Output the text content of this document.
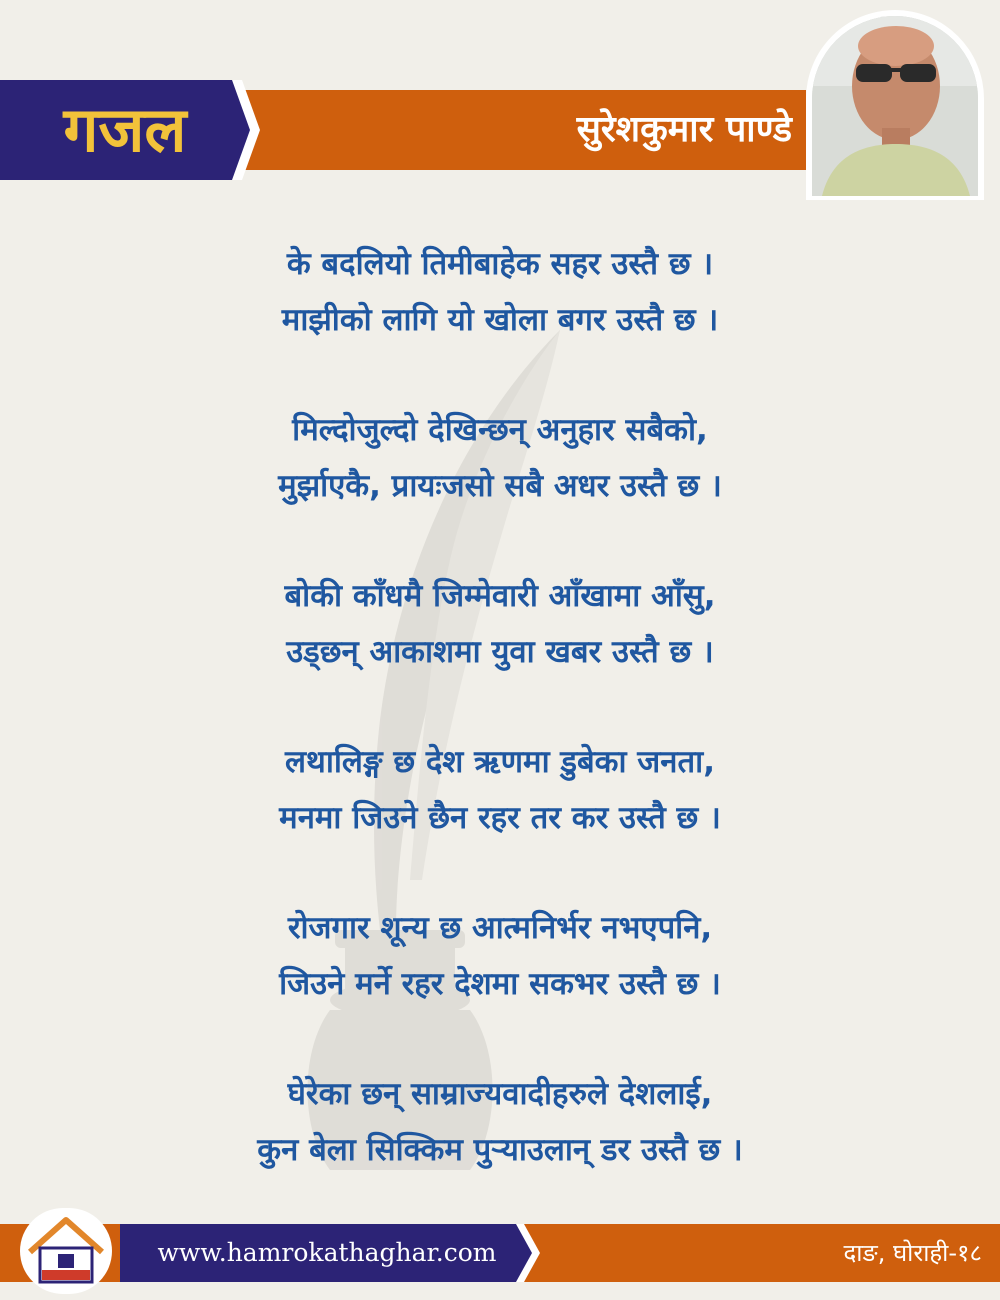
गजल	सुरेशकुमार पाण्डे
के बदलियो तिमीबाहेक सहर उस्तै छ ।
माझीको लागि यो खोला बगर उस्तै छ ।
मिल्दोजुल्दो देखिन्छन् अनुहार सबैको,
मुर्झाएकै, प्रायःजसो सबै अधर उस्तै छ ।
बोकी काँधमै जिम्मेवारी आँखामा आँसु,
उड्छन् आकाशमा युवा खबर उस्तै छ ।
लथालिङ्ग छ देश ऋणमा डुबेका जनता,
मनमा जिउने छैन रहर तर कर उस्तै छ ।
रोजगार शून्य छ आत्मनिर्भर नभएपनि,
जिउने मर्ने रहर देशमा सकभर उस्तै छ ।
घेरेका छन् साम्राज्यवादीहरुले देशलाई,
कुन बेला सिक्किम पुऱ्याउलान् डर उस्तै छ ।
www.hamrokathaghar.com	दाङ, घोराही-१८
